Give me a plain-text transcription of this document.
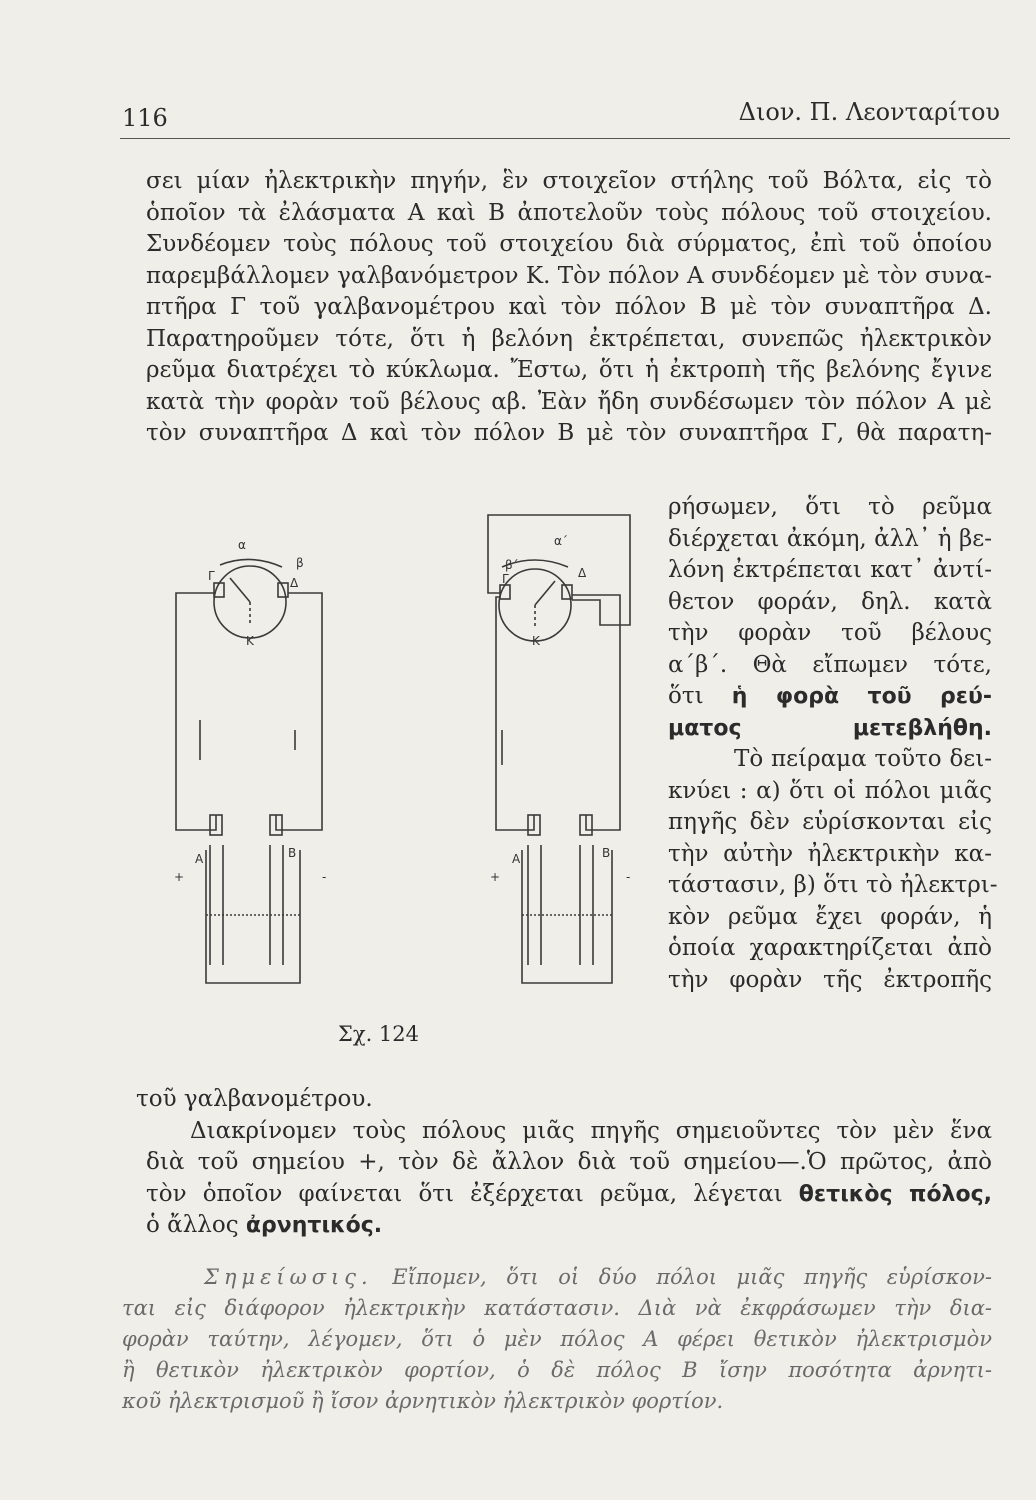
116	Διον. Π. Λεονταρίτου
σει μίαν ἠλεκτρικὴν πηγήν, ἓν στοιχεῖον στήλης τοῦ Βόλτα, εἰς τὸ
ὁποῖον τὰ ἐλάσματα Α καὶ Β ἀποτελοῦν τοὺς πόλους τοῦ στοιχείου.
Συνδέομεν τοὺς πόλους τοῦ στοιχείου διὰ σύρματος, ἐπὶ τοῦ ὁποίου
παρεμβάλλομεν γαλβανόμετρον Κ. Τὸν πόλον Α συνδέομεν μὲ τὸν συνα-
πτῆρα Γ τοῦ γαλβανομέτρου καὶ τὸν πόλον Β μὲ τὸν συναπτῆρα Δ.
Παρατηροῦμεν τότε, ὅτι ἡ βελόνη ἐκτρέπεται, συνεπῶς ἠλεκτρικὸν
ρεῦμα διατρέχει τὸ κύκλωμα. Ἔστω, ὅτι ἡ ἐκτροπὴ τῆς βελόνης ἔγινε
κατὰ τὴν φορὰν τοῦ βέλους αβ. Ἐὰν ἤδη συνδέσωμεν τὸν πόλον Α μὲ
τὸν συναπτῆρα Δ καὶ τὸν πόλον Β μὲ τὸν συναπτῆρα Γ, θὰ παρατη-
α
β
Γ	Δ
Κ
Α	Β
+	-
α΄
β΄
Γ	Δ
Κ
Α	Β
+	-
Σχ. 124
ρήσωμεν, ὅτι τὸ ρεῦμα
διέρχεται ἀκόμη, ἀλλ᾽ ἡ βε-
λόνη ἐκτρέπεται κατ᾽ ἀντί-
θετον φοράν, δηλ. κατὰ
τὴν φορὰν τοῦ βέλους
α΄β΄. Θὰ εἴπωμεν τότε,
ὅτι ἡ φορὰ τοῦ ρεύ-
ματος μετεβλήθη.
Τὸ πείραμα τοῦτο δει-
κνύει : α) ὅτι οἱ πόλοι μιᾶς
πηγῆς δὲν εὑρίσκονται εἰς
τὴν αὐτὴν ἠλεκτρικὴν κα-
τάστασιν, β) ὅτι τὸ ἠλεκτρι-
κὸν ρεῦμα ἔχει φοράν, ἡ
ὁποία χαρακτηρίζεται ἀπὸ
τὴν φορὰν τῆς ἐκτροπῆς
τοῦ γαλβανομέτρου.
Διακρίνομεν τοὺς πόλους μιᾶς πηγῆς σημειοῦντες τὸν μὲν ἕνα
διὰ τοῦ σημείου +, τὸν δὲ ἄλλον διὰ τοῦ σημείου—.Ὁ πρῶτος, ἀπὸ
τὸν ὁποῖον φαίνεται ὅτι ἐξέρχεται ρεῦμα, λέγεται θετικὸς πόλος,
ὁ ἄλλος ἀρνητικός.
Σημείωσις. Εἴπομεν, ὅτι οἱ δύο πόλοι μιᾶς πηγῆς εὑρίσκον-
ται εἰς διάφορον ἠλεκτρικὴν κατάστασιν. Διὰ νὰ ἐκφράσωμεν τὴν δια-
φορὰν ταύτην, λέγομεν, ὅτι ὁ μὲν πόλος Α φέρει θετικὸν ἠλεκτρισμὸν
ἢ θετικὸν ἠλεκτρικὸν φορτίον, ὁ δὲ πόλος Β ἴσην ποσότητα ἀρνητι-
κοῦ ἠλεκτρισμοῦ ἢ ἴσον ἀρνητικὸν ἠλεκτρικὸν φορτίον.
